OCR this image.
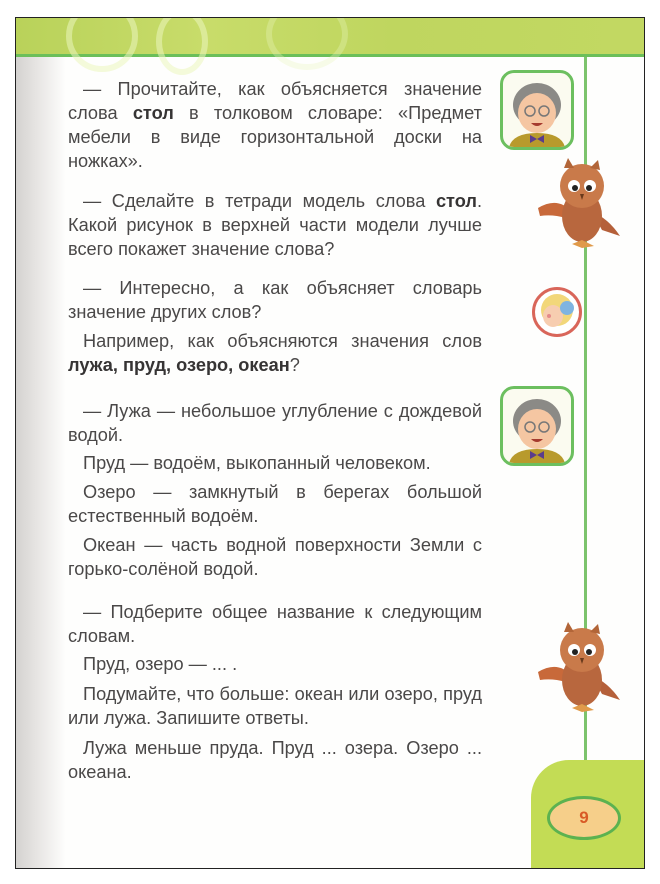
9

— Прочитайте, как объясняется значение слова стол в толковом словаре: «Предмет мебели в виде горизонтальной доски на ножках».

— Сделайте в тетради модель слова стол. Какой рисунок в верхней части модели лучше всего покажет значение слова?

— Интересно, а как объясняет словарь значение других слов?

Например, как объясняются значения слов лужа, пруд, озеро, океан?

— Лужа — небольшое углубление с дождевой водой.

Пруд — водоём, выкопанный человеком.

Озеро — замкнутый в берегах большой естественный водоём.

Океан — часть водной поверхности Земли с горько-солёной водой.

— Подберите общее название к следующим словам.

Пруд, озеро — ... .

Подумайте, что больше: океан или озеро, пруд или лужа. Запишите ответы.

Лужа меньше пруда. Пруд ... озера. Озеро ... океана.
